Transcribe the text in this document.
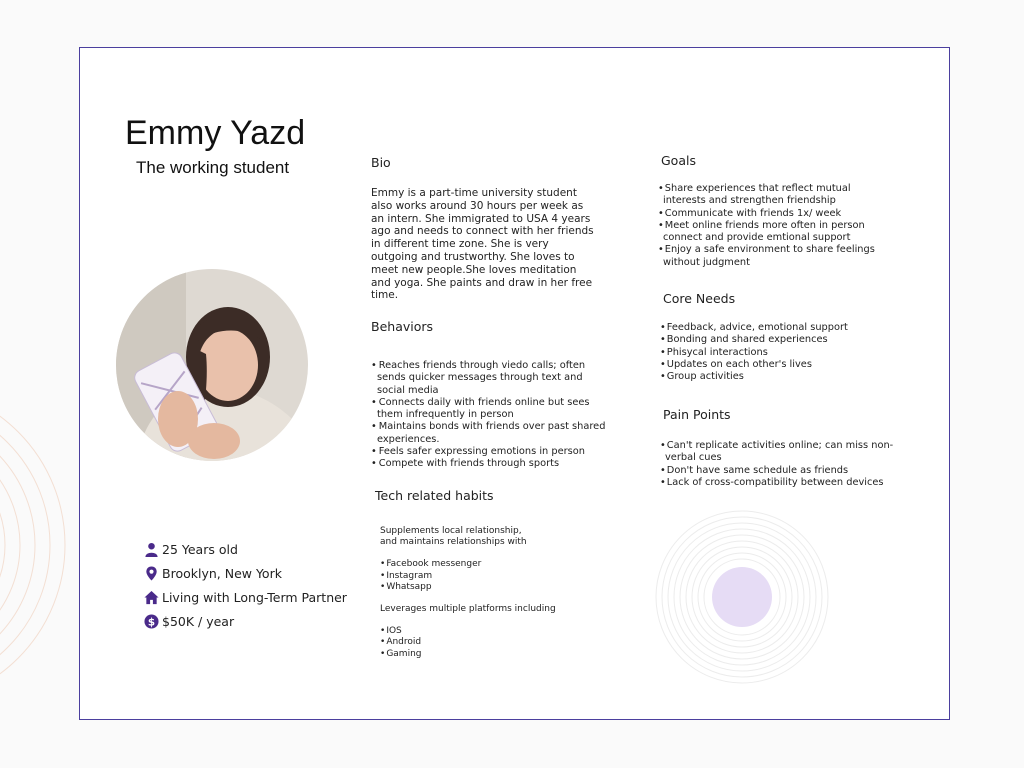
Emmy Yazd
The working student
25 Years old
Brooklyn, New York
Living with Long-Term Partner
$ $50K / year
Bio
Emmy is a part-time university student
also works around 30 hours per week as
an intern. She immigrated to USA 4 years
ago and needs to connect with her friends
in different time zone. She is very
outgoing and trustworthy. She loves to
meet new people.She loves meditation
and yoga. She paints and draw in her free time.
Behaviors
• Reaches friends through viedo calls; often sends quicker messages through text and social media
• Connects daily with friends online but sees them infrequently in person
• Maintains bonds with friends over past shared experiences.
• Feels safer expressing emotions in person
• Compete with friends through sports
Tech related habits

Supplements local relationship, and maintains relationships with

• Facebook messenger
• Instagram
• Whatsapp

Leverages multiple platforms including

• IOS
• Android
• Gaming
Goals
• Share experiences that reflect mutual interests and strengthen friendship
• Communicate with friends 1x/ week
• Meet online friends more often in person connect and provide emtional support
• Enjoy a safe environment to share feelings without judgment
Core Needs
• Feedback, advice, emotional support
• Bonding and shared experiences
• Phisycal interactions
• Updates on each other's lives
• Group activities
Pain Points
• Can't replicate activities online; can miss non-verbal cues
• Don't have same schedule as friends
• Lack of cross-compatibility between devices
